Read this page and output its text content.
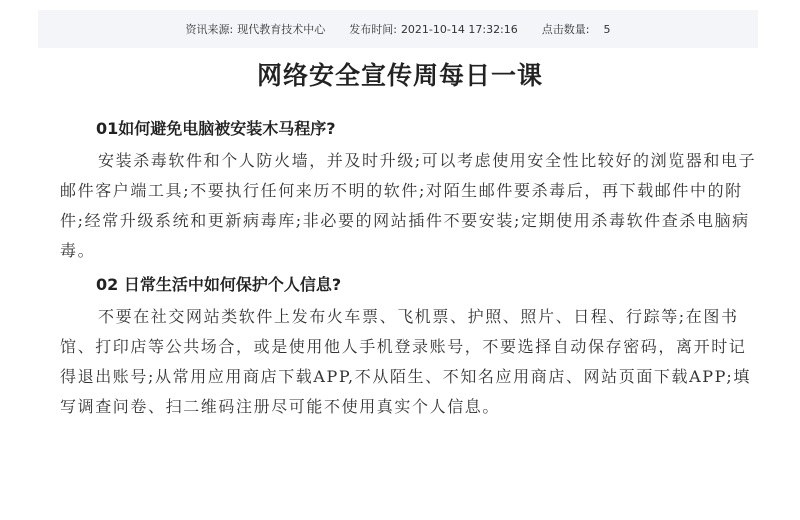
资讯来源: 现代教育技术中心 发布时间: 2021-10-14 17:32:16 点击数量: 5
网络安全宣传周每日一课
01如何避免电脑被安装木马程序?

安装杀毒软件和个人防火墙，并及时升级;可以考虑使用安全性比较好的浏览器和电子邮件客户端工具;不要执行任何来历不明的软件;对陌生邮件要杀毒后，再下载邮件中的附件;经常升级系统和更新病毒库;非必要的网站插件不要安装;定期使用杀毒软件查杀电脑病毒。

02 日常生活中如何保护个人信息?

不要在社交网站类软件上发布火车票、飞机票、护照、照片、日程、行踪等;在图书馆、打印店等公共场合，或是使用他人手机登录账号，不要选择自动保存密码，离开时记得退出账号;从常用应用商店下载APP,不从陌生、不知名应用商店、网站页面下载APP;填写调查问卷、扫二维码注册尽可能不使用真实个人信息。
